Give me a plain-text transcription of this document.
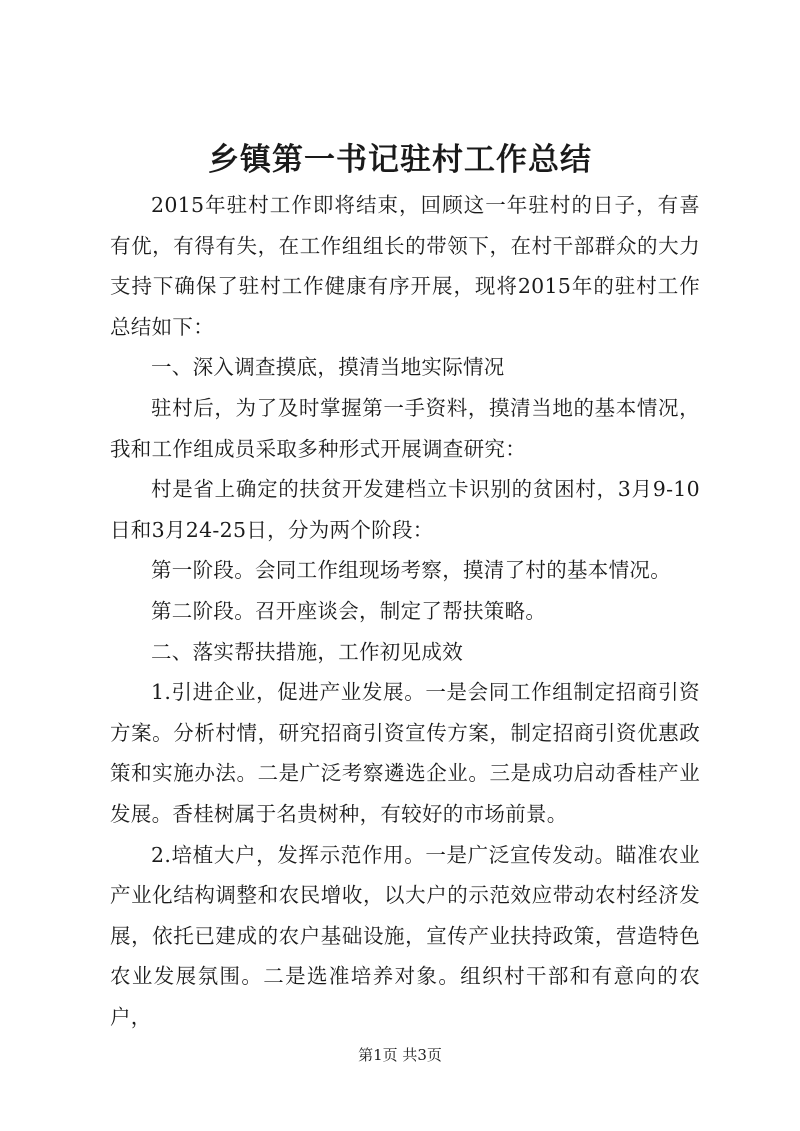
乡镇第一书记驻村工作总结

2015年驻村工作即将结束，回顾这一年驻村的日子，有喜有优，有得有失，在工作组组长的带领下，在村干部群众的大力支持下确保了驻村工作健康有序开展，现将2015年的驻村工作总结如下：

一、深入调查摸底，摸清当地实际情况

驻村后，为了及时掌握第一手资料，摸清当地的基本情况，我和工作组成员采取多种形式开展调查研究：

村是省上确定的扶贫开发建档立卡识别的贫困村，3月9-10日和3月24-25日，分为两个阶段：

第一阶段。会同工作组现场考察，摸清了村的基本情况。

第二阶段。召开座谈会，制定了帮扶策略。

二、落实帮扶措施，工作初见成效

1.引进企业，促进产业发展。一是会同工作组制定招商引资方案。分析村情，研究招商引资宣传方案，制定招商引资优惠政策和实施办法。二是广泛考察遴选企业。三是成功启动香桂产业发展。香桂树属于名贵树种，有较好的市场前景。

2.培植大户，发挥示范作用。一是广泛宣传发动。瞄准农业产业化结构调整和农民增收，以大户的示范效应带动农村经济发展，依托已建成的农户基础设施，宣传产业扶持政策，营造特色农业发展氛围。二是选准培养对象。组织村干部和有意向的农户，

第1页 共3页
